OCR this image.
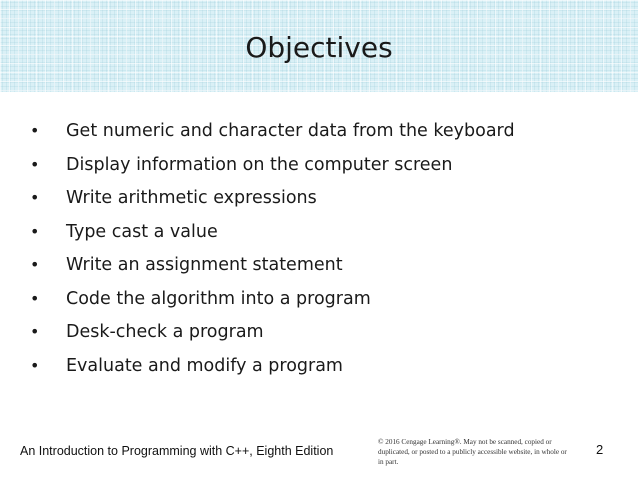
Objectives
• Get numeric and character data from the keyboard
• Display information on the computer screen
• Write arithmetic expressions
• Type cast a value
• Write an assignment statement
• Code the algorithm into a program
• Desk-check a program
• Evaluate and modify a program
An Introduction to Programming with C++, Eighth Edition
© 2016 Cengage Learning®. May not be scanned, copied or duplicated, or posted to a publicly accessible website, in whole or in part.
2
